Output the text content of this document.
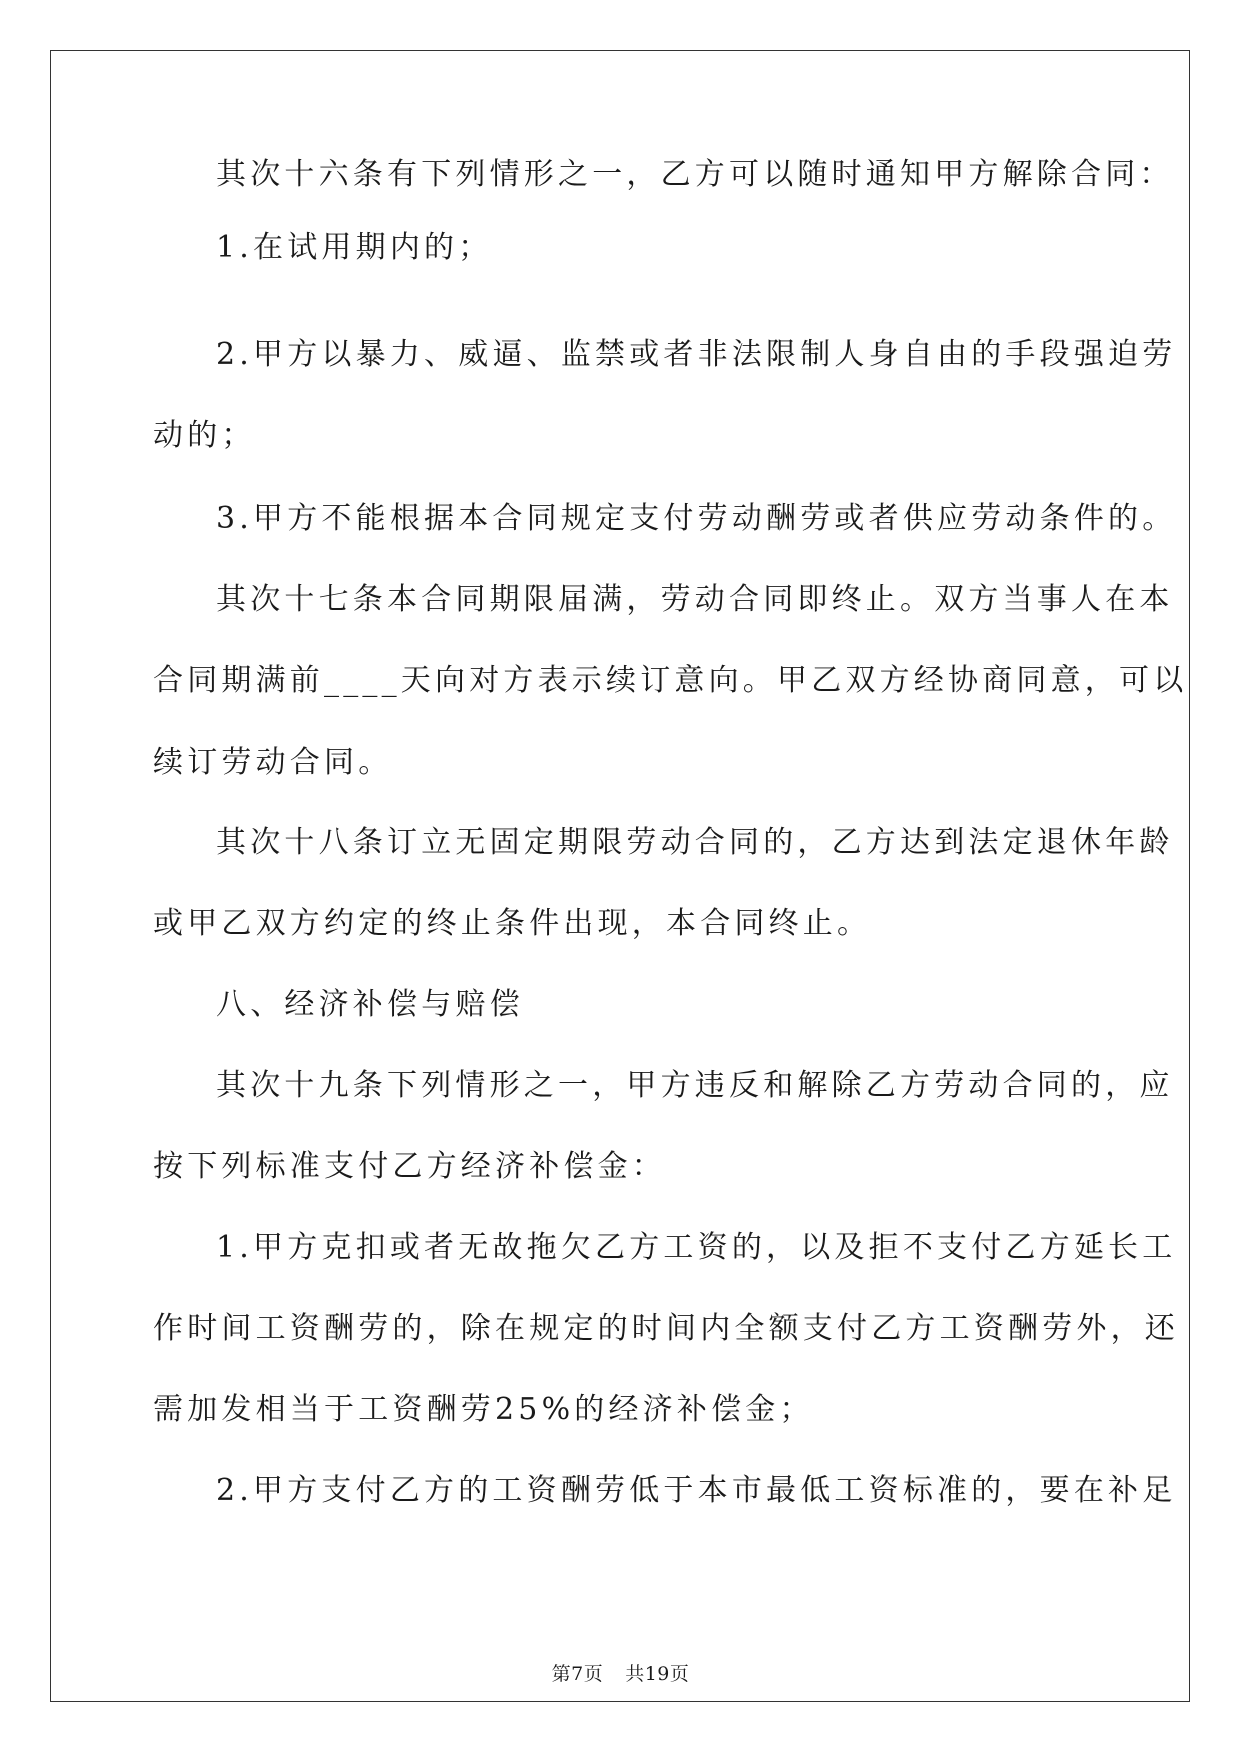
其次十六条有下列情形之一，乙方可以随时通知甲方解除合同：
1.在试用期内的；
2.甲方以暴力、威逼、监禁或者非法限制人身自由的手段强迫劳
动的；
3.甲方不能根据本合同规定支付劳动酬劳或者供应劳动条件的。
其次十七条本合同期限届满，劳动合同即终止。双方当事人在本
合同期满前____天向对方表示续订意向。甲乙双方经协商同意，可以
续订劳动合同。
其次十八条订立无固定期限劳动合同的，乙方达到法定退休年龄
或甲乙双方约定的终止条件出现，本合同终止。
八、经济补偿与赔偿
其次十九条下列情形之一，甲方违反和解除乙方劳动合同的，应
按下列标准支付乙方经济补偿金：
1.甲方克扣或者无故拖欠乙方工资的，以及拒不支付乙方延长工
作时间工资酬劳的，除在规定的时间内全额支付乙方工资酬劳外，还
需加发相当于工资酬劳25%的经济补偿金；
2.甲方支付乙方的工资酬劳低于本市最低工资标准的，要在补足
第7页 共19页
